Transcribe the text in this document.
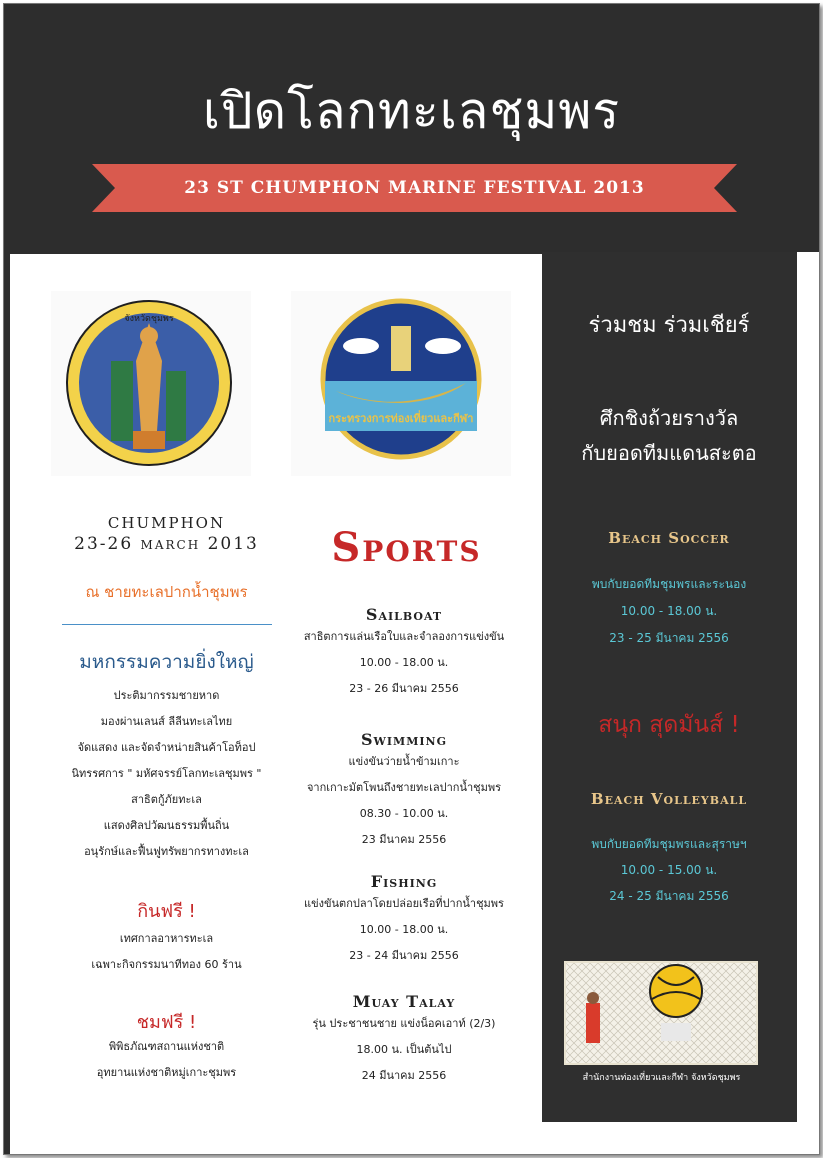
เปิดโลกทะเลชุมพร
23 ST CHUMPHON MARINE FESTIVAL 2013
จังหวัดชุมพร
กระทรวงการท่องเที่ยวและกีฬา
CHUMPHON
23-26 march 2013
ณ ชายทะเลปากน้ำชุมพร
มหกรรมความยิ่งใหญ่
ประติมากรรมชายหาด
มองผ่านเลนส์ ลีลีนทะเลไทย
จัดแสดง และจัดจำหน่ายสินค้าโอท็อป
นิทรรศการ " มหัศจรรย์โลกทะเลชุมพร "
สาธิตกู้ภัยทะเล
แสดงศิลปวัฒนธรรมพื้นถิ่น
อนุรักษ์และฟื้นฟูทรัพยากรทางทะเล
กินฟรี !
เทศกาลอาหารทะเล
เฉพาะกิจกรรมนาทีทอง 60 ร้าน
ชมฟรี !
พิพิธภัณฑสถานแห่งชาติ
อุทยานแห่งชาติหมู่เกาะชุมพร
Sports
Sailboat
สาธิตการแล่นเรือใบและจำลองการแข่งขัน
10.00 - 18.00 น.
23 - 26 มีนาคม 2556
Swimming
แข่งขันว่ายน้ำข้ามเกาะ
จากเกาะมัตโพนถึงชายทะเลปากน้ำชุมพร
08.30 - 10.00 น.
23 มีนาคม 2556
Fishing
แข่งขันตกปลาโดยปล่อยเรือที่ปากน้ำชุมพร
10.00 - 18.00 น.
23 - 24 มีนาคม 2556
Muay Talay
รุ่น ประชาชนชาย แข่งน็อคเอาท์ (2/3)
18.00 น. เป็นต้นไป
24 มีนาคม 2556
ร่วมชม ร่วมเชียร์
ศึกชิงถ้วยรางวัล
กับยอดทีมแดนสะตอ
Beach Soccer
พบกับยอดทีมชุมพรและระนอง
10.00 - 18.00 น.
23 - 25 มีนาคม 2556
สนุก สุดมันส์ !
Beach Volleyball
พบกับยอดทีมชุมพรและสุราษฯ
10.00 - 15.00 น.
24 - 25 มีนาคม 2556
สำนักงานท่องเที่ยวและกีฬา จังหวัดชุมพร
